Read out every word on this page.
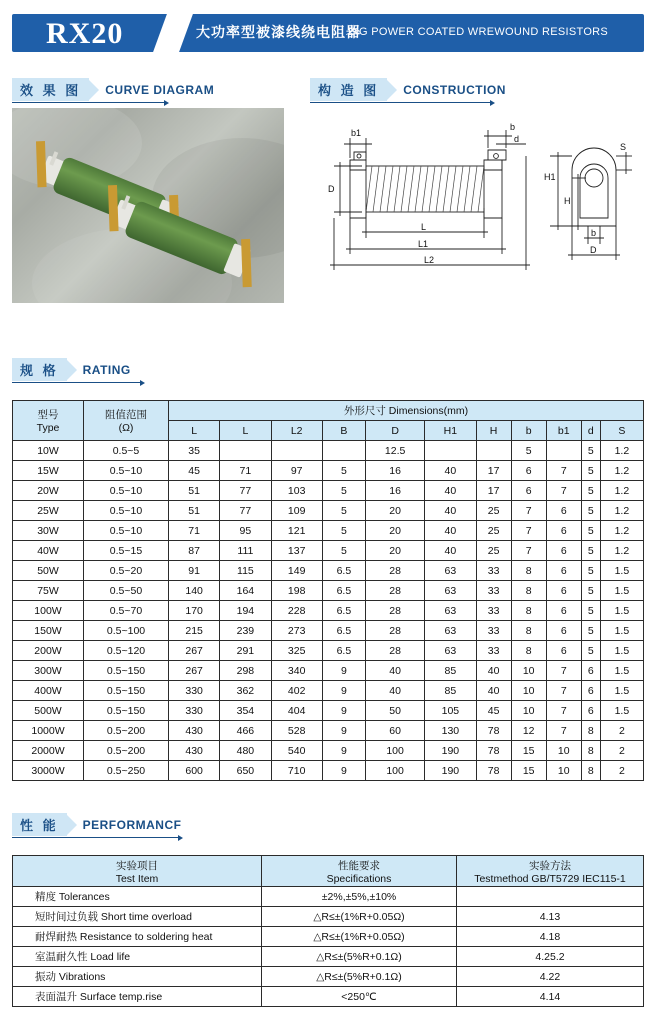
RX20	大功率型被漆线绕电阻器
BIG POWER COATED WREWOUND RESISTORS
效 果 图 CURVE DIAGRAM	构 造 图 CONSTRUCTION
b1
b
d
D
L
L1
L2
S
H1
H
b
D
规 格 RATING
型号
Type

阻值范围
(Ω)
	外形尺寸 Dimensions(mm)
		L	L	L2	B	D	H1	H	b	b1	d	S
10W	0.5~5	35				12.5			5		5	1.2
15W	0.5~10	45	71	97	5	16	40	17	6	7	5	1.2
20W	0.5~10	51	77	103	5	16	40	17	6	7	5	1.2
25W	0.5~10	51	77	109	5	20	40	25	7	6	5	1.2
30W	0.5~10	71	95	121	5	20	40	25	7	6	5	1.2
40W	0.5~15	87	111	137	5	20	40	25	7	6	5	1.2
50W	0.5~20	91	115	149	6.5	28	63	33	8	6	5	1.5
75W	0.5~50	140	164	198	6.5	28	63	33	8	6	5	1.5
100W	0.5~70	170	194	228	6.5	28	63	33	8	6	5	1.5
150W	0.5~100	215	239	273	6.5	28	63	33	8	6	5	1.5
200W	0.5~120	267	291	325	6.5	28	63	33	8	6	5	1.5
300W	0.5~150	267	298	340	9	40	85	40	10	7	6	1.5
400W	0.5~150	330	362	402	9	40	85	40	10	7	6	1.5
500W	0.5~150	330	354	404	9	50	105	45	10	7	6	1.5
1000W	0.5~200	430	466	528	9	60	130	78	12	7	8	2
2000W	0.5~200	430	480	540	9	100	190	78	15	10	8	2
3000W	0.5~250	600	650	710	9	100	190	78	15	10	8	2
性 能 PERFORMANCF
实验项目
Test Item

性能要求
Specifications

实验方法
Testmethod GB/T5729 IEC115-1

精度 Tolerances	±2%,±5%,±10%	
短时间过负载 Short time overload	△R≤±(1%R+0.05Ω)	4.13
耐焊耐热 Resistance to soldering heat	△R≤±(1%R+0.05Ω)	4.18
室温耐久性 Load life	△R≤±(5%R+0.1Ω)	4.25.2
振动 Vibrations	△R≤±(5%R+0.1Ω)	4.22
表面温升 Surface temp.rise	<250℃	4.14
